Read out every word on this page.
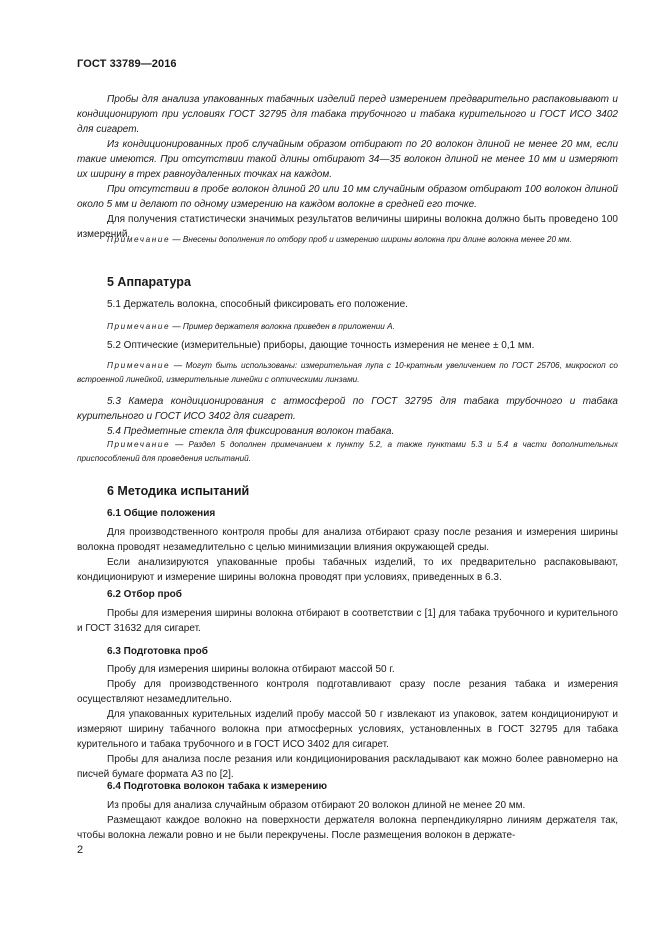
ГОСТ 33789—2016

Пробы для анализа упакованных табачных изделий перед измерением предварительно распаковывают и кондиционируют при условиях ГОСТ 32795 для табака трубочного и табака курительного и ГОСТ ИСО 3402 для сигарет.

Из кондиционированных проб случайным образом отбирают по 20 волокон длиной не менее 20 мм, если такие имеются. При отсутствии такой длины отбирают 34—35 волокон длиной не менее 10 мм и измеряют их ширину в трех равноудаленных точках на каждом.

При отсутствии в пробе волокон длиной 20 или 10 мм случайным образом отбирают 100 волокон длиной около 5 мм и делают по одному измерению на каждом волокне в средней его точке.

Для получения статистически значимых результатов величины ширины волокна должно быть проведено 100 измерений.

Примечание — Внесены дополнения по отбору проб и измерению ширины волокна при длине волокна менее 20 мм.

5 Аппаратура

5.1 Держатель волокна, способный фиксировать его положение.

Примечание — Пример держателя волокна приведен в приложении А.

5.2 Оптические (измерительные) приборы, дающие точность измерения не менее ± 0,1 мм.

Примечание — Могут быть использованы: измерительная лупа с 10-кратным увеличением по ГОСТ 25706, микроскоп со встроенной линейкой, измерительные линейки с оптическими линзами.

5.3 Камера кондиционирования с атмосферой по ГОСТ 32795 для табака трубочного и табака курительного и ГОСТ ИСО 3402 для сигарет.

5.4 Предметные стекла для фиксирования волокон табака.

Примечание — Раздел 5 дополнен примечанием к пункту 5.2, а также пунктами 5.3 и 5.4 в части дополнительных приспособлений для проведения испытаний.

6 Методика испытаний

6.1 Общие положения

Для производственного контроля пробы для анализа отбирают сразу после резания и измерения ширины волокна проводят незамедлительно с целью минимизации влияния окружающей среды.

Если анализируются упакованные пробы табачных изделий, то их предварительно распаковывают, кондиционируют и измерение ширины волокна проводят при условиях, приведенных в 6.3.

6.2 Отбор проб

Пробы для измерения ширины волокна отбирают в соответствии с [1] для табака трубочного и курительного и ГОСТ 31632 для сигарет.

6.3 Подготовка проб

Пробу для измерения ширины волокна отбирают массой 50 г.

Пробу для производственного контроля подготавливают сразу после резания табака и измерения осуществляют незамедлительно.

Для упакованных курительных изделий пробу массой 50 г извлекают из упаковок, затем кондиционируют и измеряют ширину табачного волокна при атмосферных условиях, установленных в ГОСТ 32795 для табака курительного и табака трубочного и в ГОСТ ИСО 3402 для сигарет.

Пробы для анализа после резания или кондиционирования раскладывают как можно более равномерно на писчей бумаге формата А3 по [2].

6.4 Подготовка волокон табака к измерению

Из пробы для анализа случайным образом отбирают 20 волокон длиной не менее 20 мм.

Размещают каждое волокно на поверхности держателя волокна перпендикулярно линиям держателя так, чтобы волокна лежали ровно и не были перекручены. После размещения волокон в держате-

2
